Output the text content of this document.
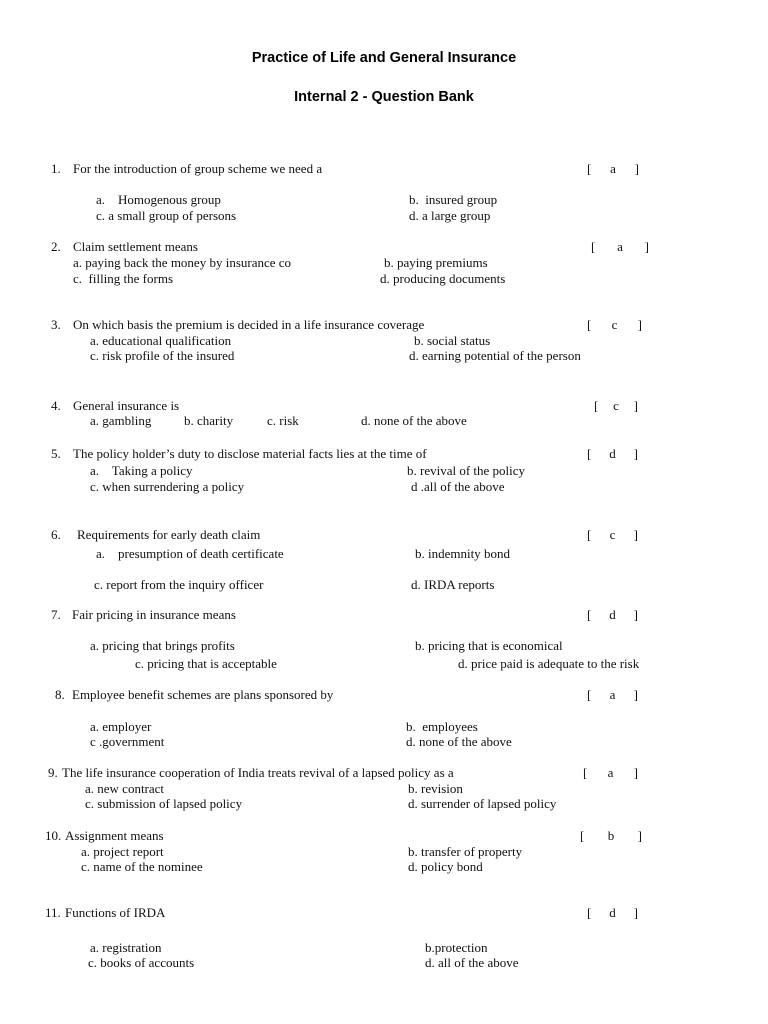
Practice of Life and General Insurance
Internal 2 - Question Bank
1. For the introduction of group scheme we need a	[ a ]
a.    Homogenous group	b.  insured group
c. a small group of persons	d. a large group
2. Claim settlement means	[ a ]
a. paying back the money by insurance co	b. paying premiums
c.  filling the forms	d. producing documents
3. On which basis the premium is decided in a life insurance coverage	[ c ]
a. educational qualification	b. social status
c. risk profile of the insured	d. earning potential of the person
4. General insurance is	[ c ]
a. gambling	b. charity	c. risk	d. none of the above
5. The policy holder’s duty to disclose material facts lies at the time of	[ d ]
a.    Taking a policy	b. revival of the policy
c. when surrendering a policy	d .all of the above
6. Requirements for early death claim	[ c ]
a.    presumption of death certificate	b. indemnity bond
c. report from the inquiry officer	d. IRDA reports
7. Fair pricing in insurance means	[ d ]
a. pricing that brings profits	b. pricing that is economical
c. pricing that is acceptable	d. price paid is adequate to the risk
8. Employee benefit schemes are plans sponsored by	[ a ]
a. employer	b.  employees
c .government	d. none of the above
9. The life insurance cooperation of India treats revival of a lapsed policy as a	[ a ]
a. new contract	b. revision
c. submission of lapsed policy	d. surrender of lapsed policy
10. Assignment means	[ b ]
a. project report	b. transfer of property
c. name of the nominee	d. policy bond
11. Functions of IRDA	[ d ]
a. registration	b.protection
c. books of accounts	d. all of the above
